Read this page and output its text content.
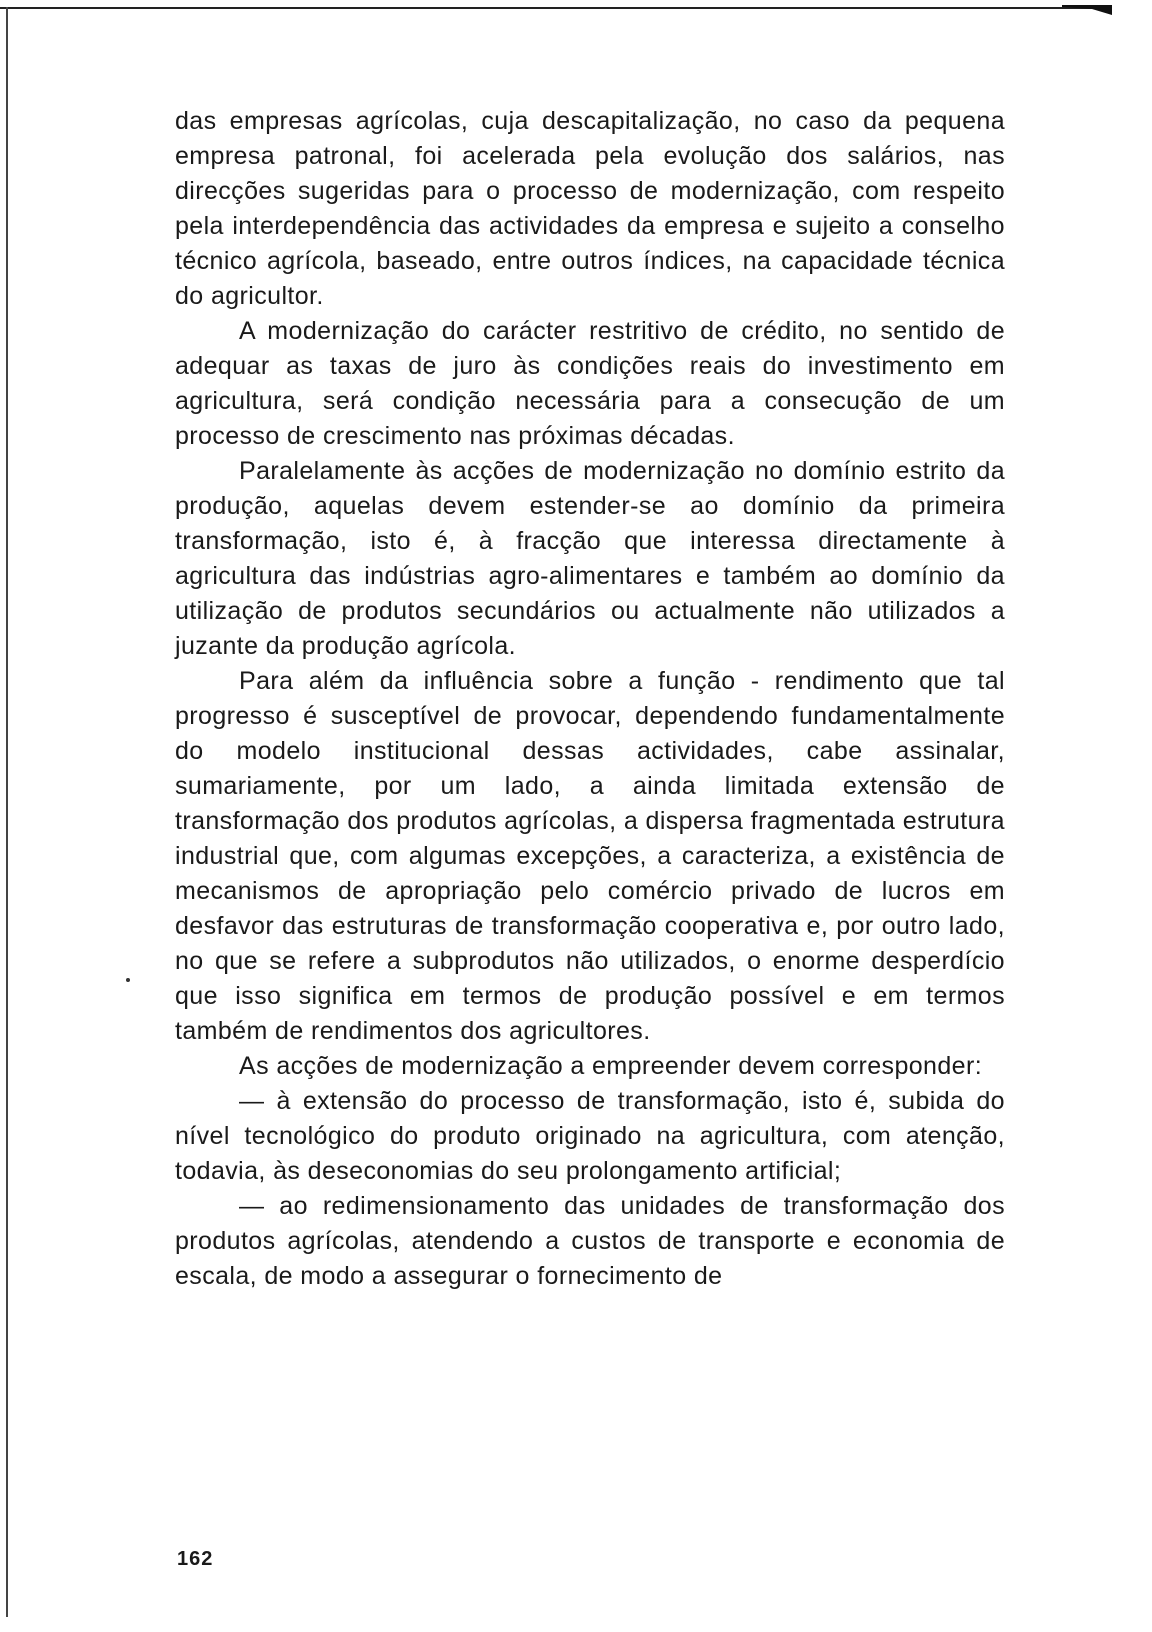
das empresas agrícolas, cuja descapitalização, no caso da pequena empresa patronal, foi acelerada pela evolução dos salários, nas direcções sugeridas para o processo de modernização, com respeito pela interdependência das actividades da empresa e sujeito a conselho técnico agrícola, baseado, entre outros índices, na capacidade técnica do agricultor.

A modernização do carácter restritivo de crédito, no sentido de adequar as taxas de juro às condições reais do investimento em agricultura, será condição necessária para a consecução de um processo de crescimento nas próximas décadas.

Paralelamente às acções de modernização no domínio estrito da produção, aquelas devem estender-se ao domínio da primeira transformação, isto é, à fracção que interessa directamente à agricultura das indústrias agro-alimentares e também ao domínio da utilização de produtos secundários ou actualmente não utilizados a juzante da produção agrícola.

Para além da influência sobre a função - rendimento que tal progresso é susceptível de provocar, dependendo fundamentalmente do modelo institucional dessas actividades, cabe assinalar, sumariamente, por um lado, a ainda limitada extensão de transformação dos produtos agrícolas, a dispersa fragmentada estrutura industrial que, com algumas excepções, a caracteriza, a existência de mecanismos de apropriação pelo comércio privado de lucros em desfavor das estruturas de transformação cooperativa e, por outro lado, no que se refere a subprodutos não utilizados, o enorme desperdício que isso significa em termos de produção possível e em termos também de rendimentos dos agricultores.

As acções de modernização a empreender devem corresponder:

— à extensão do processo de transformação, isto é, subida do nível tecnológico do produto originado na agricultura, com atenção, todavia, às deseconomias do seu prolongamento artificial;

— ao redimensionamento das unidades de transformação dos produtos agrícolas, atendendo a custos de transporte e economia de escala, de modo a assegurar o fornecimento de

162
